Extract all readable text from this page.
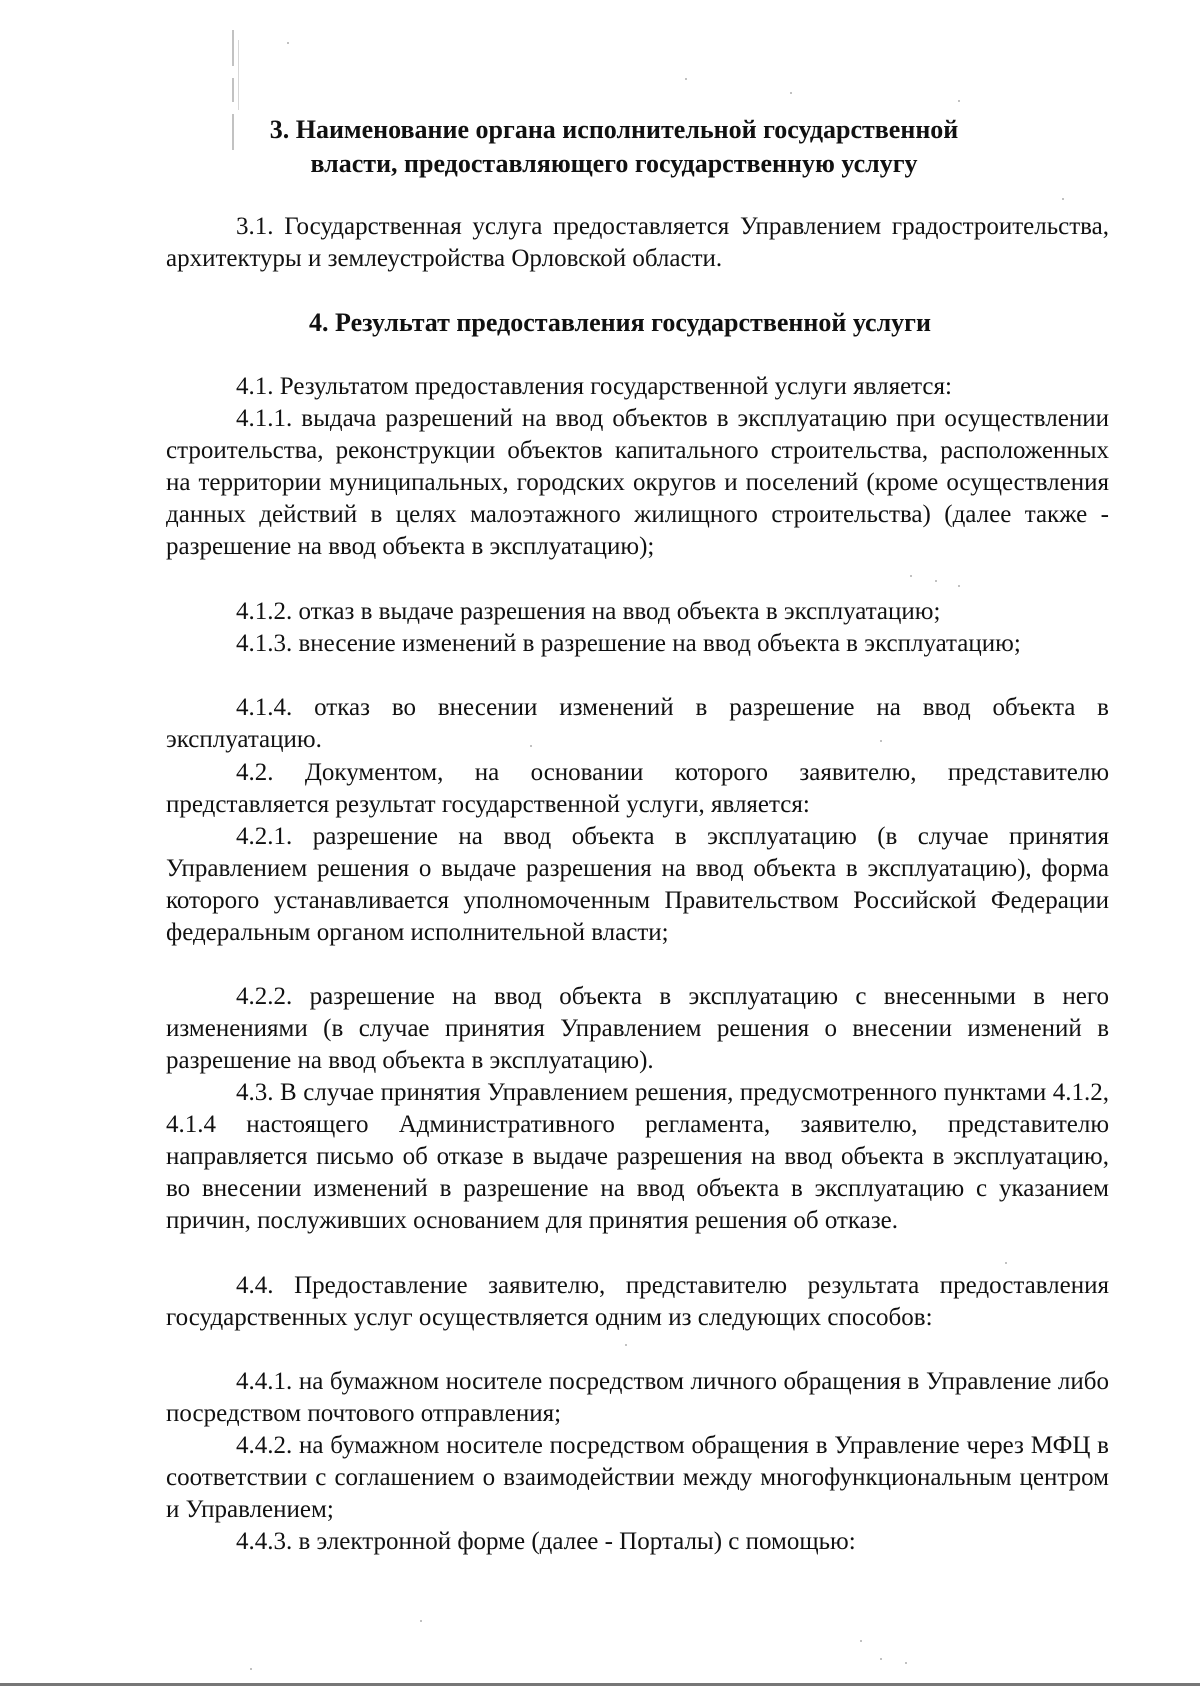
3. Наименование органа исполнительной государственной
власти, предоставляющего государственную услугу
3.1. Государственная услуга предоставляется Управлением градостроительства, архитектуры и землеустройства Орловской области.
4. Результат предоставления государственной услуги
4.1. Результатом предоставления государственной услуги является:
4.1.1. выдача разрешений на ввод объектов в эксплуатацию при осуществлении строительства, реконструкции объектов капитального строительства, расположенных на территории муниципальных, городских округов и поселений (кроме осуществления данных действий в целях малоэтажного жилищного строительства) (далее также - разрешение на ввод объекта в эксплуатацию);
4.1.2. отказ в выдаче разрешения на ввод объекта в эксплуатацию;
4.1.3. внесение изменений в разрешение на ввод объекта в эксплуатацию;
4.1.4. отказ во внесении изменений в разрешение на ввод объекта в эксплуатацию.
4.2. Документом, на основании которого заявителю, представителю представляется результат государственной услуги, является:
4.2.1. разрешение на ввод объекта в эксплуатацию (в случае принятия Управлением решения о выдаче разрешения на ввод объекта в эксплуатацию), форма которого устанавливается уполномоченным Правительством Российской Федерации федеральным органом исполнительной власти;
4.2.2. разрешение на ввод объекта в эксплуатацию с внесенными в него изменениями (в случае принятия Управлением решения о внесении изменений в разрешение на ввод объекта в эксплуатацию).
4.3. В случае принятия Управлением решения, предусмотренного пунктами 4.1.2, 4.1.4 настоящего Административного регламента, заявителю, представителю направляется письмо об отказе в выдаче разрешения на ввод объекта в эксплуатацию, во внесении изменений в разрешение на ввод объекта в эксплуатацию с указанием причин, послуживших основанием для принятия решения об отказе.
4.4. Предоставление заявителю, представителю результата предоставления государственных услуг осуществляется одним из следующих способов:
4.4.1. на бумажном носителе посредством личного обращения в Управление либо посредством почтового отправления;
4.4.2. на бумажном носителе посредством обращения в Управление через МФЦ в соответствии с соглашением о взаимодействии между многофункциональным центром и Управлением;
4.4.3. в электронной форме (далее - Порталы) с помощью:
